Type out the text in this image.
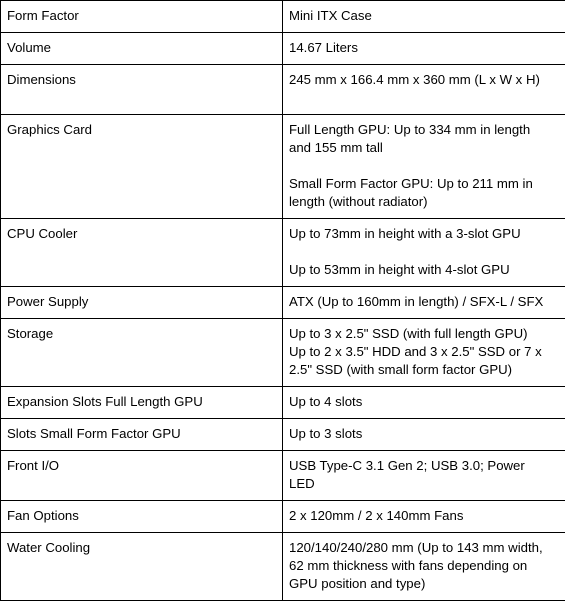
Form Factor	Mini ITX Case

Volume	14.67 Liters

Dimensions	245 mm x 166.4 mm x 360 mm (L x W x H)

Graphics Card	Full Length GPU: Up to 334 mm in length
and 155 mm tall
Small Form Factor GPU: Up to 211 mm in
length (without radiator)

CPU Cooler	Up to 73mm in height with a 3-slot GPU
Up to 53mm in height with 4-slot GPU

Power Supply	ATX (Up to 160mm in length) / SFX-L / SFX

Storage	Up to 3 x 2.5" SSD (with full length GPU)
Up to 2 x 3.5" HDD and 3 x 2.5" SSD or 7 x
2.5" SSD (with small form factor GPU)

Expansion Slots Full Length GPU	Up to 4 slots

Slots Small Form Factor GPU	Up to 3 slots

Front I/O	USB Type-C 3.1 Gen 2; USB 3.0; Power
LED

Fan Options	2 x 120mm / 2 x 140mm Fans

Water Cooling	120/140/240/280 mm (Up to 143 mm width,
62 mm thickness with fans depending on
GPU position and type)
